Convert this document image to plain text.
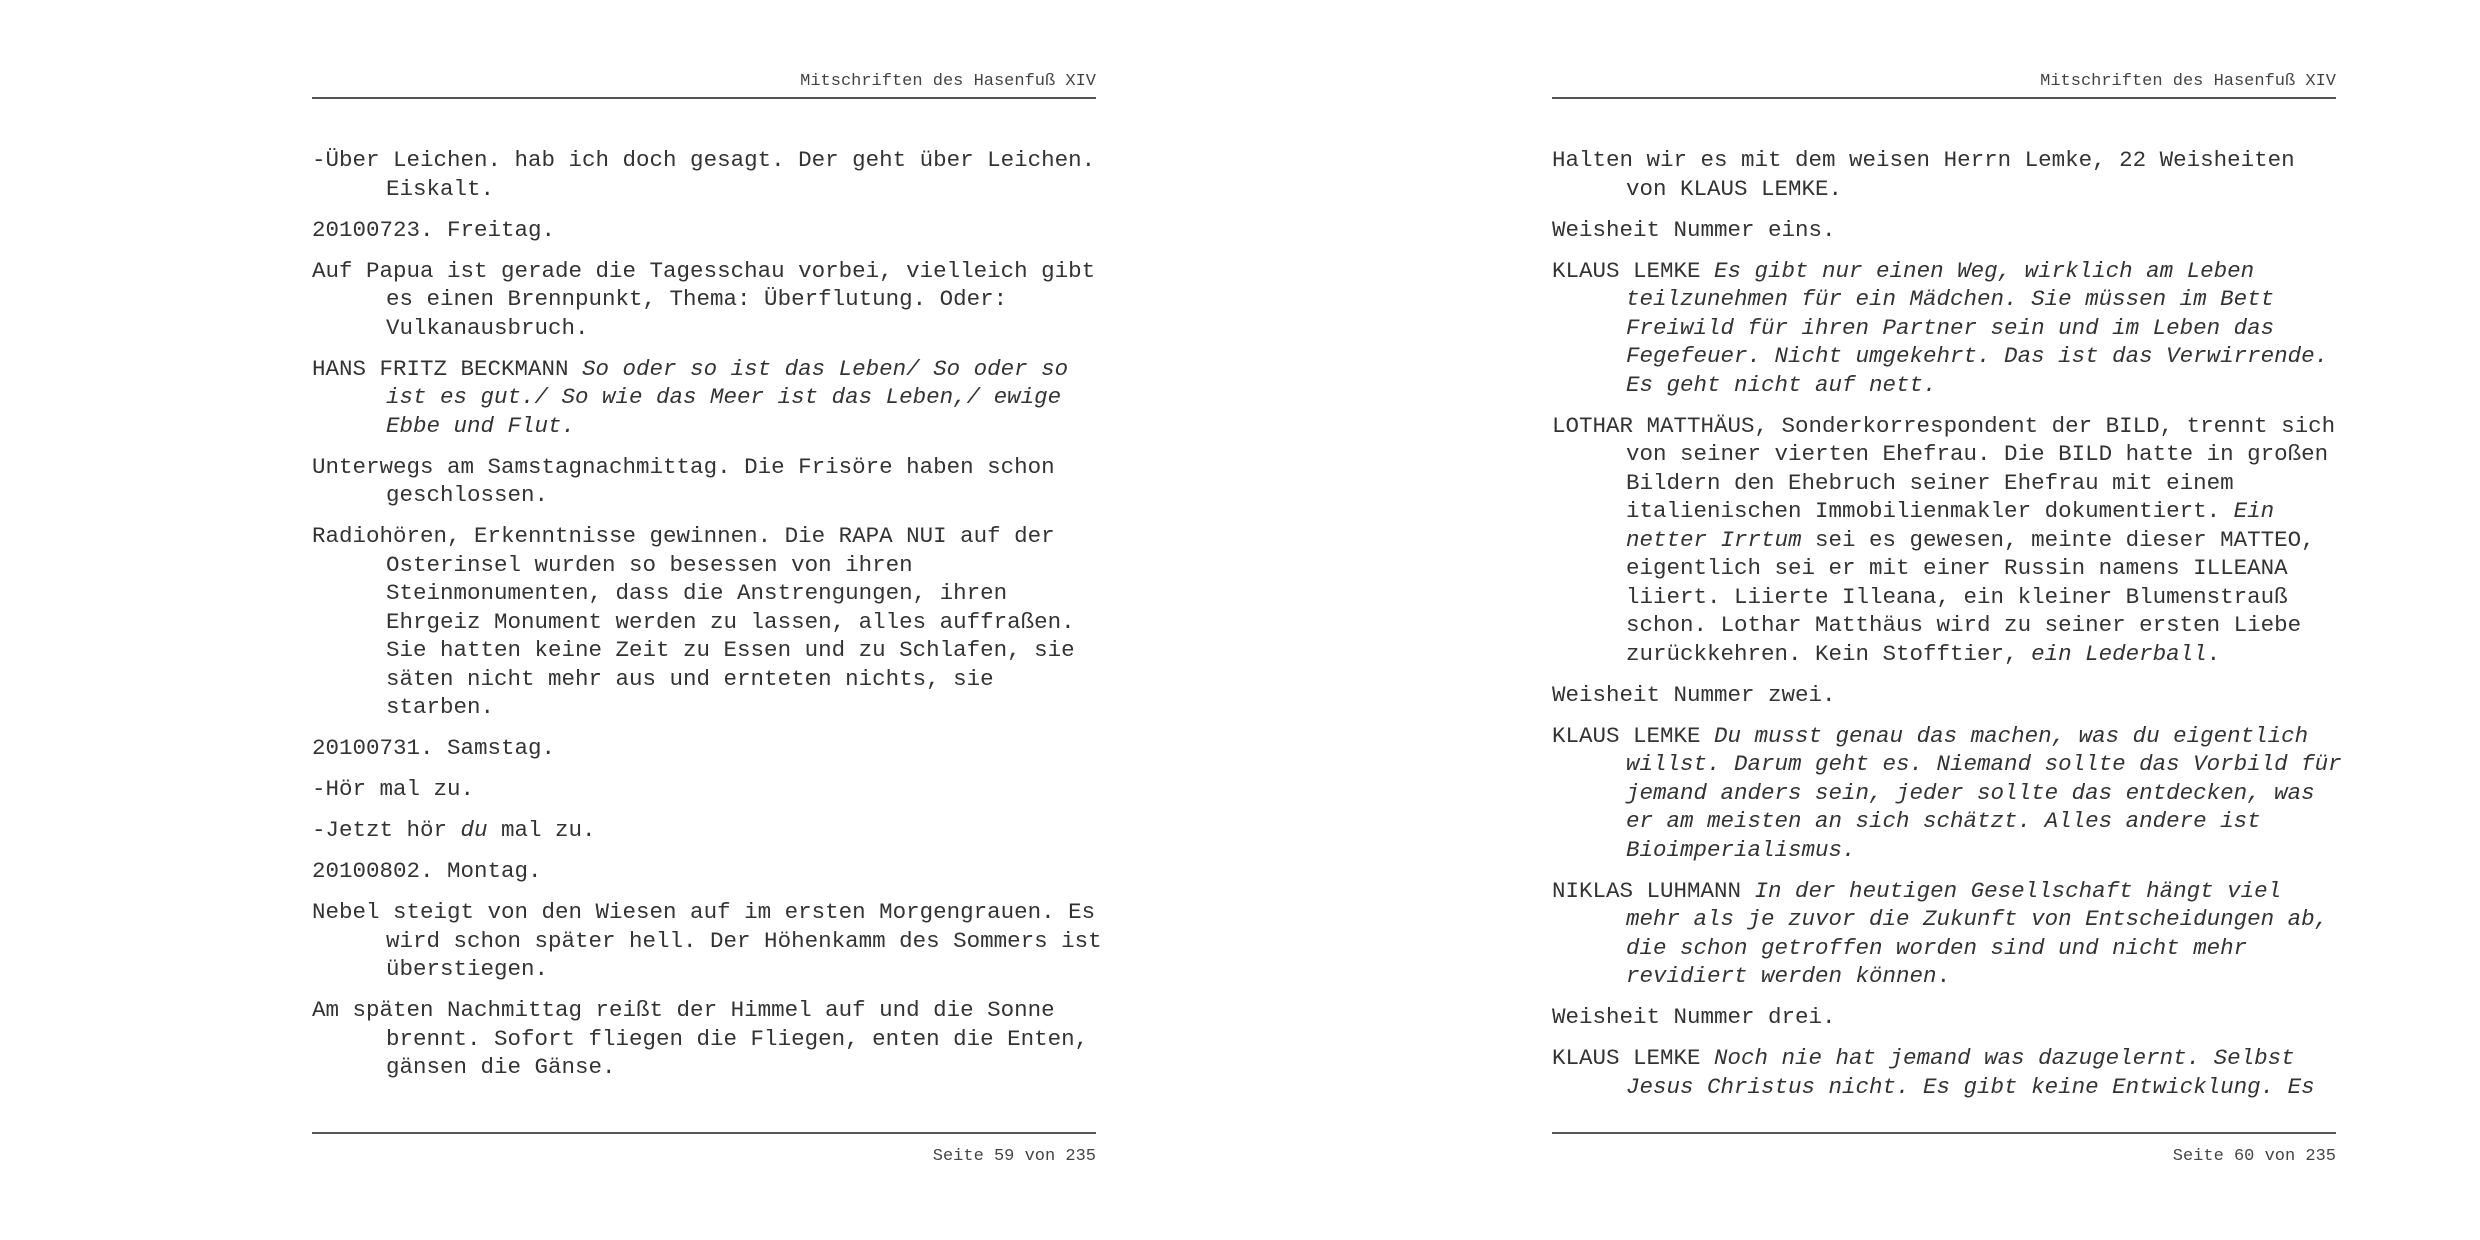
Mitschriften des Hasenfuß XIV

-Über Leichen. hab ich doch gesagt. Der geht über Leichen. Eiskalt.

20100723. Freitag.

Auf Papua ist gerade die Tagesschau vorbei, vielleich gibt es einen Brennpunkt, Thema: Überflutung. Oder: Vulkanausbruch.

HANS FRITZ BECKMANN So oder so ist das Leben/ So oder so ist es gut./ So wie das Meer ist das Leben,/ ewige Ebbe und Flut.

Unterwegs am Samstagnachmittag. Die Frisöre haben schon geschlossen.

Radiohören, Erkenntnisse gewinnen. Die RAPA NUI auf der Osterinsel wurden so besessen von ihren Steinmonumenten, dass die Anstrengungen, ihren Ehrgeiz Monument werden zu lassen, alles auffraßen. Sie hatten keine Zeit zu Essen und zu Schlafen, sie säten nicht mehr aus und ernteten nichts, sie starben.

20100731. Samstag.

-Hör mal zu.

-Jetzt hör du mal zu.

20100802. Montag.

Nebel steigt von den Wiesen auf im ersten Morgengrauen. Es wird schon später hell. Der Höhenkamm des Sommers ist überstiegen.

Am späten Nachmittag reißt der Himmel auf und die Sonne brennt. Sofort fliegen die Fliegen, enten die Enten, gänsen die Gänse.

Seite 59 von 235
Mitschriften des Hasenfuß XIV

Halten wir es mit dem weisen Herrn Lemke, 22 Weisheiten von KLAUS LEMKE.

Weisheit Nummer eins.

KLAUS LEMKE Es gibt nur einen Weg, wirklich am Leben teilzunehmen für ein Mädchen. Sie müssen im Bett Freiwild für ihren Partner sein und im Leben das Fegefeuer. Nicht umgekehrt. Das ist das Verwirrende. Es geht nicht auf nett.

LOTHAR MATTHÄUS, Sonderkorrespondent der BILD, trennt sich von seiner vierten Ehefrau. Die BILD hatte in großen Bildern den Ehebruch seiner Ehefrau mit einem italienischen Immobilienmakler dokumentiert. Ein netter Irrtum sei es gewesen, meinte dieser MATTEO, eigentlich sei er mit einer Russin namens ILLEANA liiert. Liierte Illeana, ein kleiner Blumenstrauß schon. Lothar Matthäus wird zu seiner ersten Liebe zurückkehren. Kein Stofftier, ein Lederball.

Weisheit Nummer zwei.

KLAUS LEMKE Du musst genau das machen, was du eigentlich willst. Darum geht es. Niemand sollte das Vorbild für jemand anders sein, jeder sollte das entdecken, was er am meisten an sich schätzt. Alles andere ist Bioimperialismus.

NIKLAS LUHMANN In der heutigen Gesellschaft hängt viel mehr als je zuvor die Zukunft von Entscheidungen ab, die schon getroffen worden sind und nicht mehr revidiert werden können.

Weisheit Nummer drei.

KLAUS LEMKE Noch nie hat jemand was dazugelernt. Selbst Jesus Christus nicht. Es gibt keine Entwicklung. Es

Seite 60 von 235
